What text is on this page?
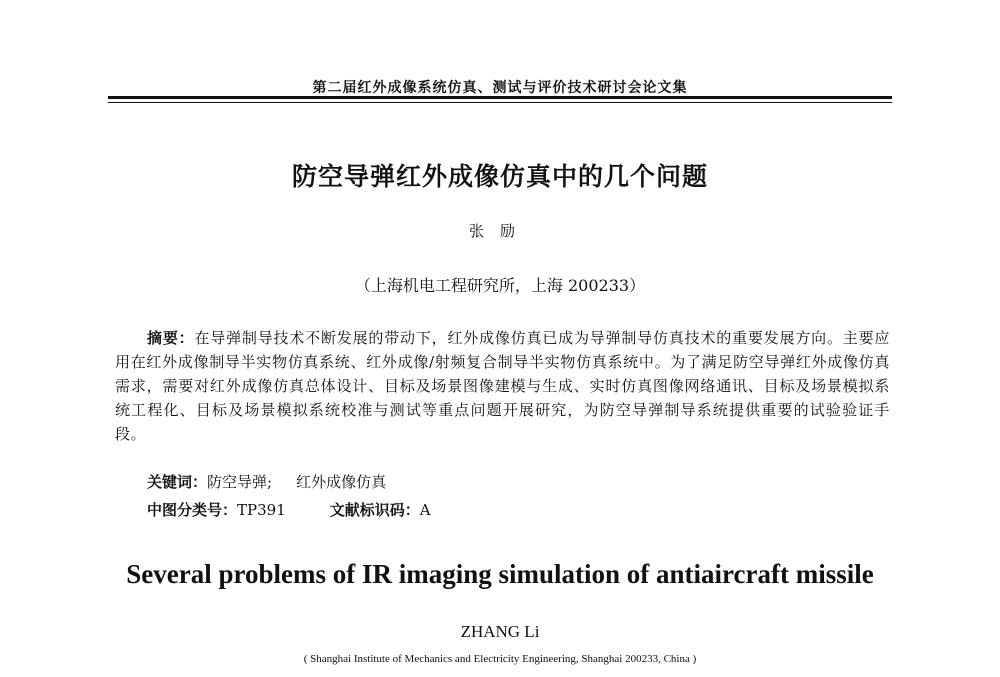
第二届红外成像系统仿真、测试与评价技术研讨会论文集
防空导弹红外成像仿真中的几个问题
张励
（上海机电工程研究所，上海 200233）
摘要：在导弹制导技术不断发展的带动下，红外成像仿真已成为导弹制导仿真技术的重要发展方向。主要应用在红外成像制导半实物仿真系统、红外成像/射频复合制导半实物仿真系统中。为了满足防空导弹红外成像仿真需求，需要对红外成像仿真总体设计、目标及场景图像建模与生成、实时仿真图像网络通讯、目标及场景模拟系统工程化、目标及场景模拟系统校准与测试等重点问题开展研究，为防空导弹制导系统提供重要的试验验证手段。
关键词：防空导弹; 红外成像仿真
中图分类号：TP391	文献标识码：A
Several problems of IR imaging simulation of antiaircraft missile
ZHANG Li
( Shanghai Institute of Mechanics and Electricity Engineering, Shanghai 200233, China )
